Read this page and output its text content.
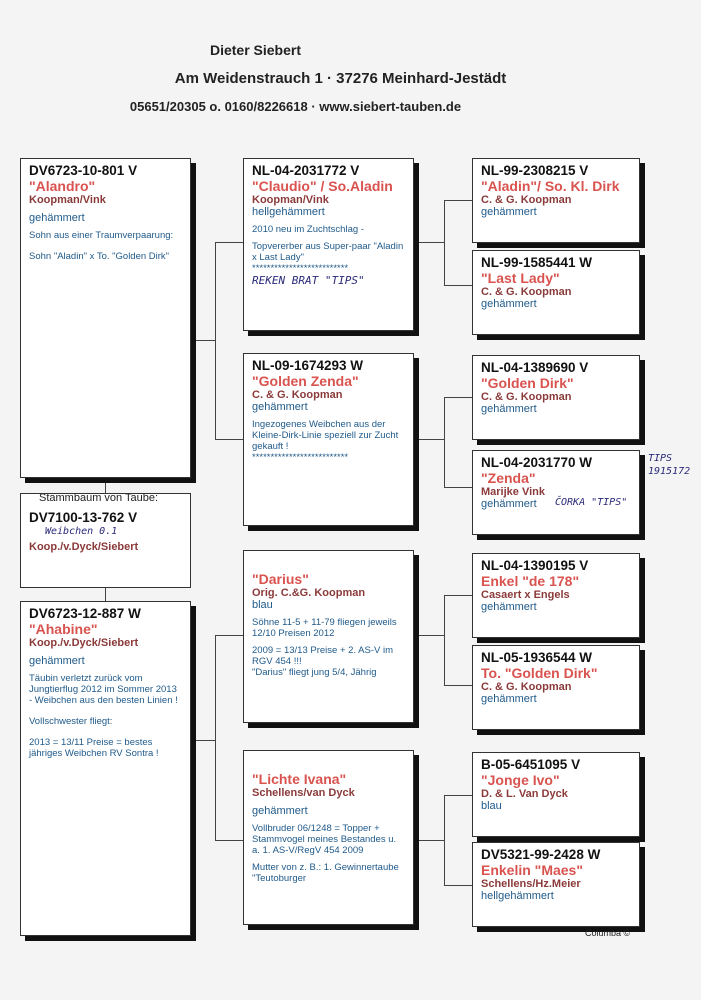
Dieter Siebert
Am Weidenstrauch 1 · 37276 Meinhard-Jestädt
05651/20305 o. 0160/8226618 · www.siebert-tauben.de
DV6723-10-801 V
"Alandro"
Koopman/Vink
gehämmert
Sohn aus einer Traumverpaarung:
Sohn "Aladin" x To. "Golden Dirk"
Stammbaum von Taube:
DV7100-13-762 V
Weibchen 0.1
Koop./v.Dyck/Siebert
DV6723-12-887 W
"Ahabine"
Koop./v.Dyck/Siebert
gehämmert
Täubin verletzt zurück vom Jungtierflug 2012 im Sommer 2013 - Weibchen aus den besten Linien !
Vollschwester fliegt:
2013 = 13/11 Preise = bestes jähriges Weibchen RV Sontra !
NL-04-2031772 V
"Claudio" / So.Aladin
Koopman/Vink
hellgehämmert
2010 neu im Zuchtschlag -
Topvererber aus Super-paar "Aladin x Last Lady"
**************************
REKEN BRAT "TIPS"
NL-09-1674293 W
"Golden Zenda"
C. & G. Koopman
gehämmert
Ingezogenes Weibchen aus der Kleine-Dirk-Linie speziell zur Zucht gekauft !
**************************
"Darius"
Orig. C.&G. Koopman
blau
Söhne 11-5 + 11-79 fliegen jeweils 12/10 Preisen 2012
2009 = 13/13 Preise + 2. AS-V im RGV 454 !!!
"Darius" fliegt jung 5/4, Jährig
"Lichte Ivana"
Schellens/van Dyck
gehämmert
Vollbruder 06/1248 = Topper + Stammvogel meines Bestandes u. a. 1. AS-V/RegV 454 2009
Mutter von z. B.: 1. Gewinnertaube "Teutoburger
NL-99-2308215 V
"Aladin"/ So. Kl. Dirk
C. & G. Koopman
gehämmert
NL-99-1585441 W
"Last Lady"
C. & G. Koopman
gehämmert
NL-04-1389690 V
"Golden Dirk"
C. & G. Koopman
gehämmert
NL-04-2031770 W
"Zenda"
Marijke Vink
gehämmert	ČORKA "TIPS"
TIPS 1915172
NL-04-1390195 V
Enkel "de 178"
Casaert x Engels
gehämmert
NL-05-1936544 W
To. "Golden Dirk"
C. & G. Koopman
gehämmert
B-05-6451095 V
"Jonge Ivo"
D. & L. Van Dyck
blau
DV5321-99-2428 W
Enkelin "Maes"
Schellens/Hz.Meier
hellgehämmert
Columba ©
